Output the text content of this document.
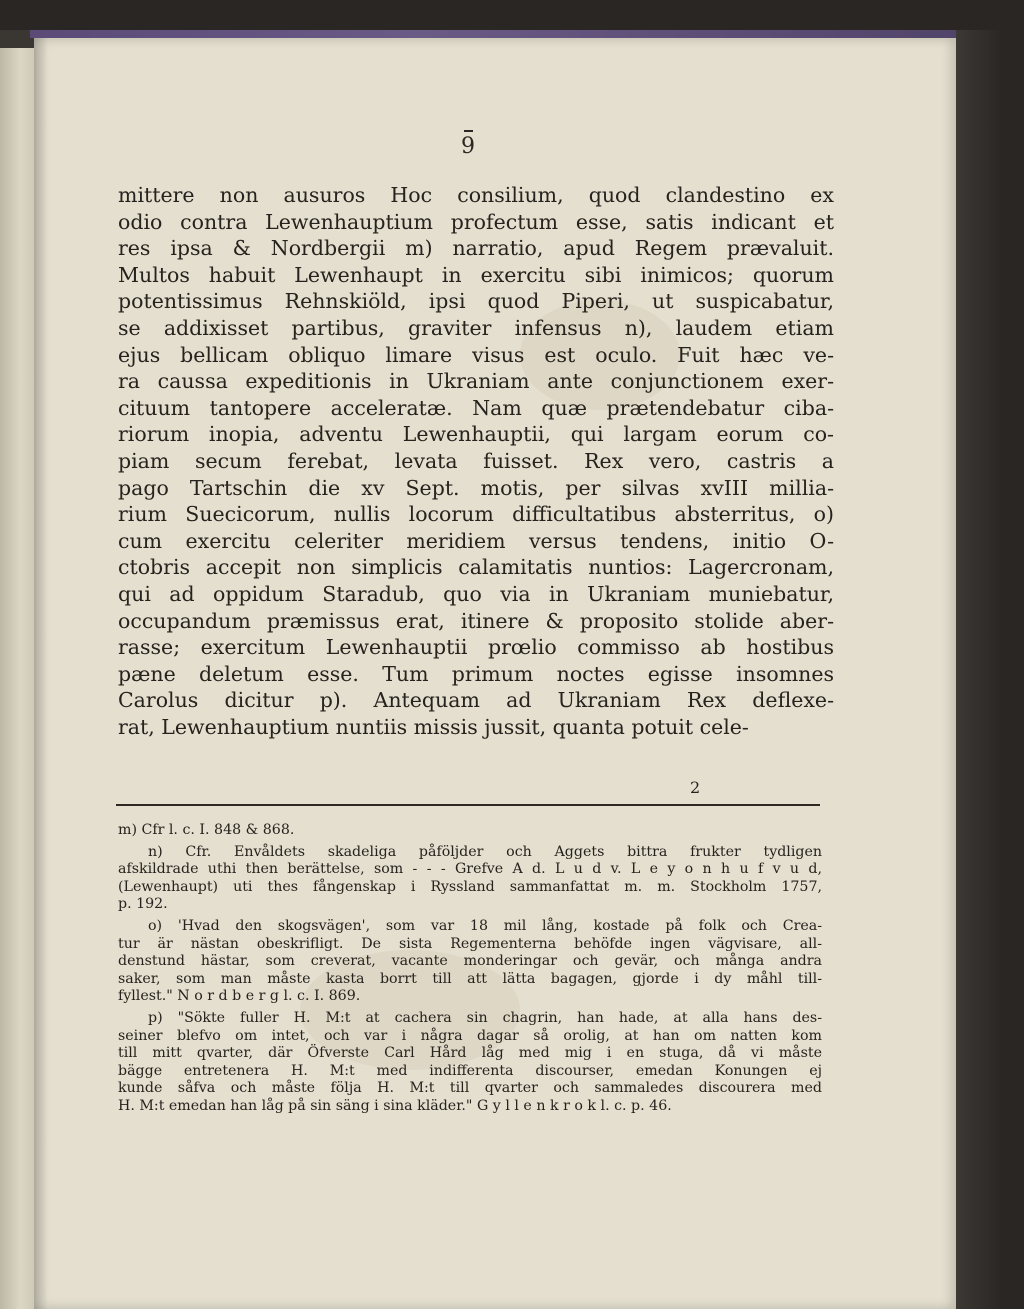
9
mittere non ausuros Hoc consilium, quod clandestino ex
odio contra Lewenhauptium profectum esse, satis indicant et
res ipsa & Nordbergii m) narratio, apud Regem prævaluit.
Multos habuit Lewenhaupt in exercitu sibi inimicos; quorum
potentissimus Rehnskiöld, ipsi quod Piperi, ut suspicabatur,
se addixisset partibus, graviter infensus n), laudem etiam
ejus bellicam obliquo limare visus est oculo. Fuit hæc ve-
ra caussa expeditionis in Ukraniam ante conjunctionem exer-
cituum tantopere acceleratæ. Nam quæ prætendebatur ciba-
riorum inopia, adventu Lewenhauptii, qui largam eorum co-
piam secum ferebat, levata fuisset. Rex vero, castris a
pago Tartschin die xv Sept. motis, per silvas xvIII millia-
rium Suecicorum, nullis locorum difficultatibus absterritus, o)
cum exercitu celeriter meridiem versus tendens, initio O-
ctobris accepit non simplicis calamitatis nuntios: Lagercronam,
qui ad oppidum Staradub, quo via in Ukraniam muniebatur,
occupandum præmissus erat, itinere & proposito stolide aber-
rasse; exercitum Lewenhauptii prœlio commisso ab hostibus
pæne deletum esse. Tum primum noctes egisse insomnes
Carolus dicitur p). Antequam ad Ukraniam Rex deflexe-
rat, Lewenhauptium nuntiis missis jussit, quanta potuit cele-
2
m) Cfr l. c. I. 848 & 868.
n) Cfr. Envåldets skadeliga påföljder och Aggets bittra frukter tydligen
afskildrade uthi then berättelse, som - - - Grefve A d. L u d v. L e y o n h u f v u d,
(Lewenhaupt) uti thes fångenskap i Ryssland sammanfattat m. m. Stockholm 1757,
p. 192.
o) 'Hvad den skogsvägen', som var 18 mil lång, kostade på folk och Crea-
tur är nästan obeskrifligt. De sista Regementerna behöfde ingen vägvisare, all-
denstund hästar, som creverat, vacante monderingar och gevär, och många andra
saker, som man måste kasta borrt till att lätta bagagen, gjorde i dy måhl till-
fyllest." N o r d b e r g l. c. I. 869.
p) "Sökte fuller H. M:t at cachera sin chagrin, han hade, at alla hans des-
seiner blefvo om intet, och var i några dagar så orolig, at han om natten kom
till mitt qvarter, där Öfverste Carl Hård låg med mig i en stuga, då vi måste
bägge entretenera H. M:t med indifferenta discourser, emedan Konungen ej
kunde såfva och måste följa H. M:t till qvarter och sammaledes discourera med
H. M:t emedan han låg på sin säng i sina kläder." G y l l e n k r o k l. c. p. 46.
